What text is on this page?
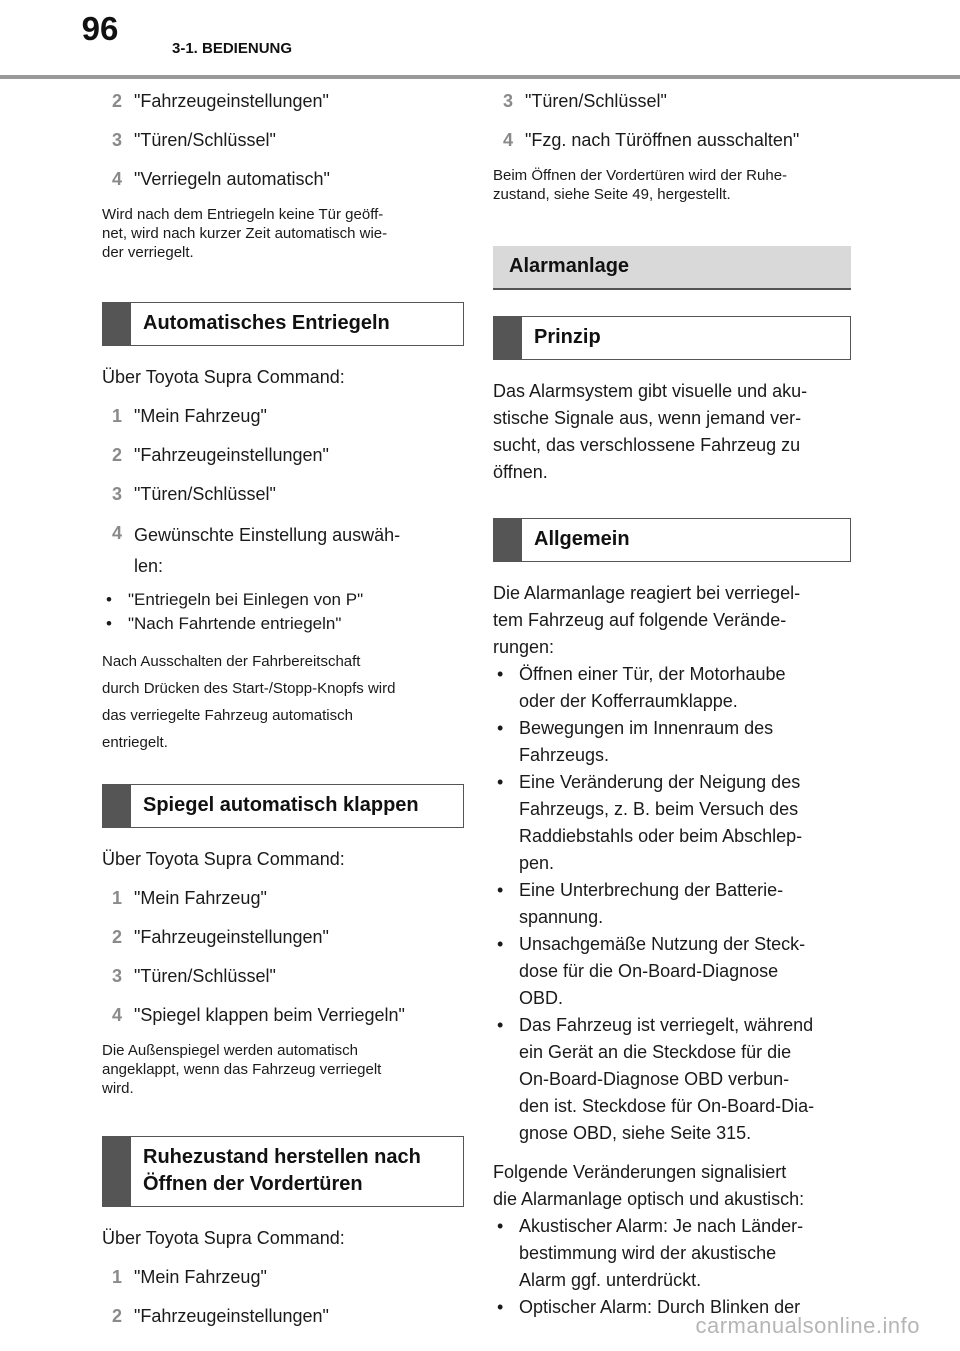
96
3-1. BEDIENUNG
2 "Fahrzeugeinstellungen"
3 "Türen/Schlüssel"
4 "Verriegeln automatisch"

Wird nach dem Entriegeln keine Tür geöff-
net, wird nach kurzer Zeit automatisch wie-
der verriegelt.

Automatisches Entriegeln

Über Toyota Supra Command:

1 "Mein Fahrzeug"
2 "Fahrzeugeinstellungen"
3 "Türen/Schlüssel"
4 Gewünschte Einstellung auswäh-
len:
• "Entriegeln bei Einlegen von P"
• "Nach Fahrtende entriegeln"

Nach Ausschalten der Fahrbereitschaft
durch Drücken des Start-/Stopp-Knopfs wird
das verriegelte Fahrzeug automatisch
entriegelt.

Spiegel automatisch klappen

Über Toyota Supra Command:

1 "Mein Fahrzeug"
2 "Fahrzeugeinstellungen"
3 "Türen/Schlüssel"
4 "Spiegel klappen beim Verriegeln"

Die Außenspiegel werden automatisch
angeklappt, wenn das Fahrzeug verriegelt
wird.

Ruhezustand herstellen nach
Öffnen der Vordertüren

Über Toyota Supra Command:

1 "Mein Fahrzeug"
2 "Fahrzeugeinstellungen"
3 "Türen/Schlüssel"
4 "Fzg. nach Türöffnen ausschalten"

Beim Öffnen der Vordertüren wird der Ruhe-
zustand, siehe Seite 49, hergestellt.

Alarmanlage
Prinzip

Das Alarmsystem gibt visuelle und aku-
stische Signale aus, wenn jemand ver-
sucht, das verschlossene Fahrzeug zu
öffnen.

Allgemein

Die Alarmanlage reagiert bei verriegel-
tem Fahrzeug auf folgende Verände-
rungen:

• Öffnen einer Tür, der Motorhaube
oder der Kofferraumklappe.
• Bewegungen im Innenraum des
Fahrzeugs.
• Eine Veränderung der Neigung des
Fahrzeugs, z. B. beim Versuch des
Raddiebstahls oder beim Abschlep-
pen.
• Eine Unterbrechung der Batterie-
spannung.
• Unsachgemäße Nutzung der Steck-
dose für die On-Board-Diagnose
OBD.
• Das Fahrzeug ist verriegelt, während
ein Gerät an die Steckdose für die
On-Board-Diagnose OBD verbun-
den ist. Steckdose für On-Board-Dia-
gnose OBD, siehe Seite 315.

Folgende Veränderungen signalisiert
die Alarmanlage optisch und akustisch:

• Akustischer Alarm: Je nach Länder-
bestimmung wird der akustische
Alarm ggf. unterdrückt.
• Optischer Alarm: Durch Blinken der
carmanualsonline.info
